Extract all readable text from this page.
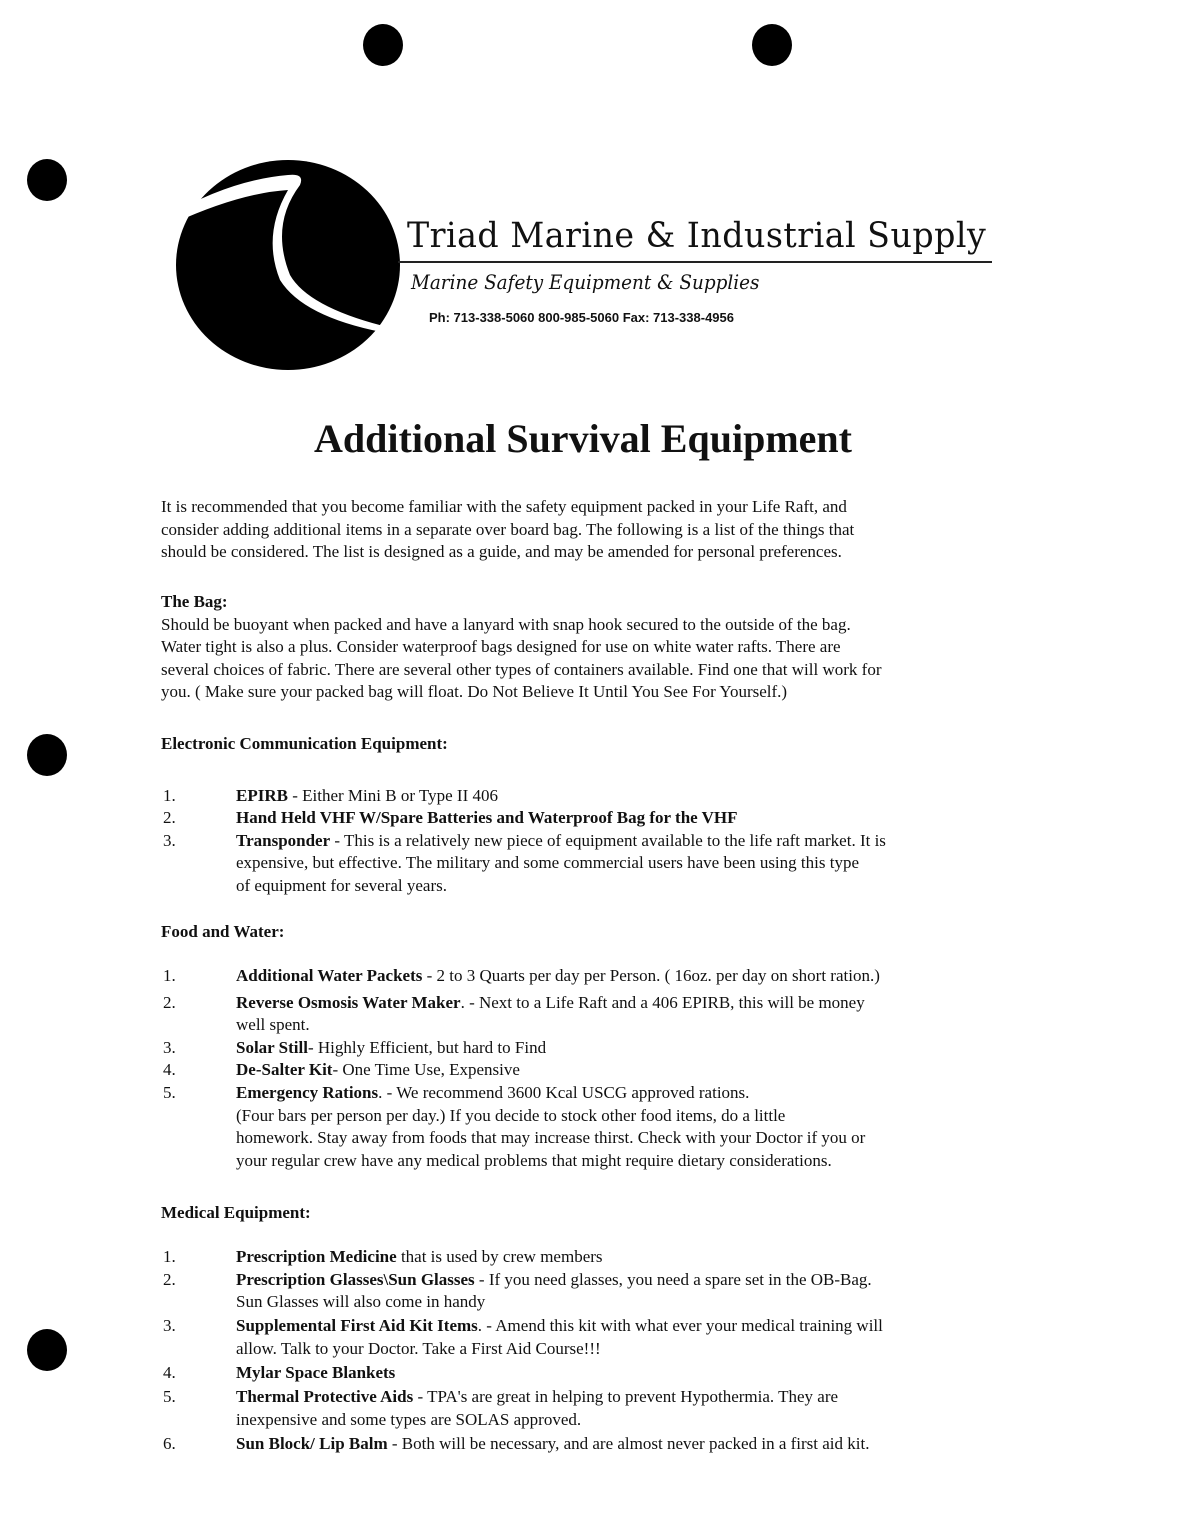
Triad Marine & Industrial Supply
Marine Safety Equipment & Supplies
Ph: 713-338-5060 800-985-5060 Fax: 713-338-4956
Additional Survival Equipment
It is recommended that you become familiar with the safety equipment packed in your Life Raft, and
consider adding additional items in a separate over board bag. The following is a list of the things that
should be considered. The list is designed as a guide, and may be amended for personal preferences.
The Bag:
Should be buoyant when packed and have a lanyard with snap hook secured to the outside of the bag.
Water tight is also a plus. Consider waterproof bags designed for use on white water rafts. There are
several choices of fabric. There are several other types of containers available. Find one that will work for
you. ( Make sure your packed bag will float. Do Not Believe It Until You See For Yourself.)
Electronic Communication Equipment:
1.	EPIRB - Either Mini B or Type II 406
2.	Hand Held VHF W/Spare Batteries and Waterproof Bag for the VHF
3.	Transponder - This is a relatively new piece of equipment available to the life raft market. It is
expensive, but effective. The military and some commercial users have been using this type
of equipment for several years.
Food and Water:
1.	Additional Water Packets - 2 to 3 Quarts per day per Person. ( 16oz. per day on short ration.)
2.	Reverse Osmosis Water Maker. - Next to a Life Raft and a 406 EPIRB, this will be money
well spent.
3.	Solar Still- Highly Efficient, but hard to Find
4.	De-Salter Kit- One Time Use, Expensive
5.	Emergency Rations. - We recommend 3600 Kcal USCG approved rations.
(Four bars per person per day.) If you decide to stock other food items, do a little
homework. Stay away from foods that may increase thirst. Check with your Doctor if you or
your regular crew have any medical problems that might require dietary considerations.
Medical Equipment:
1.	Prescription Medicine that is used by crew members
2.	Prescription Glasses\Sun Glasses - If you need glasses, you need a spare set in the OB-Bag.
Sun Glasses will also come in handy
3.	Supplemental First Aid Kit Items. - Amend this kit with what ever your medical training will
allow. Talk to your Doctor. Take a First Aid Course!!!
4.	Mylar Space Blankets
5.	Thermal Protective Aids - TPA's are great in helping to prevent Hypothermia. They are
inexpensive and some types are SOLAS approved.
6.	Sun Block/ Lip Balm - Both will be necessary, and are almost never packed in a first aid kit.
